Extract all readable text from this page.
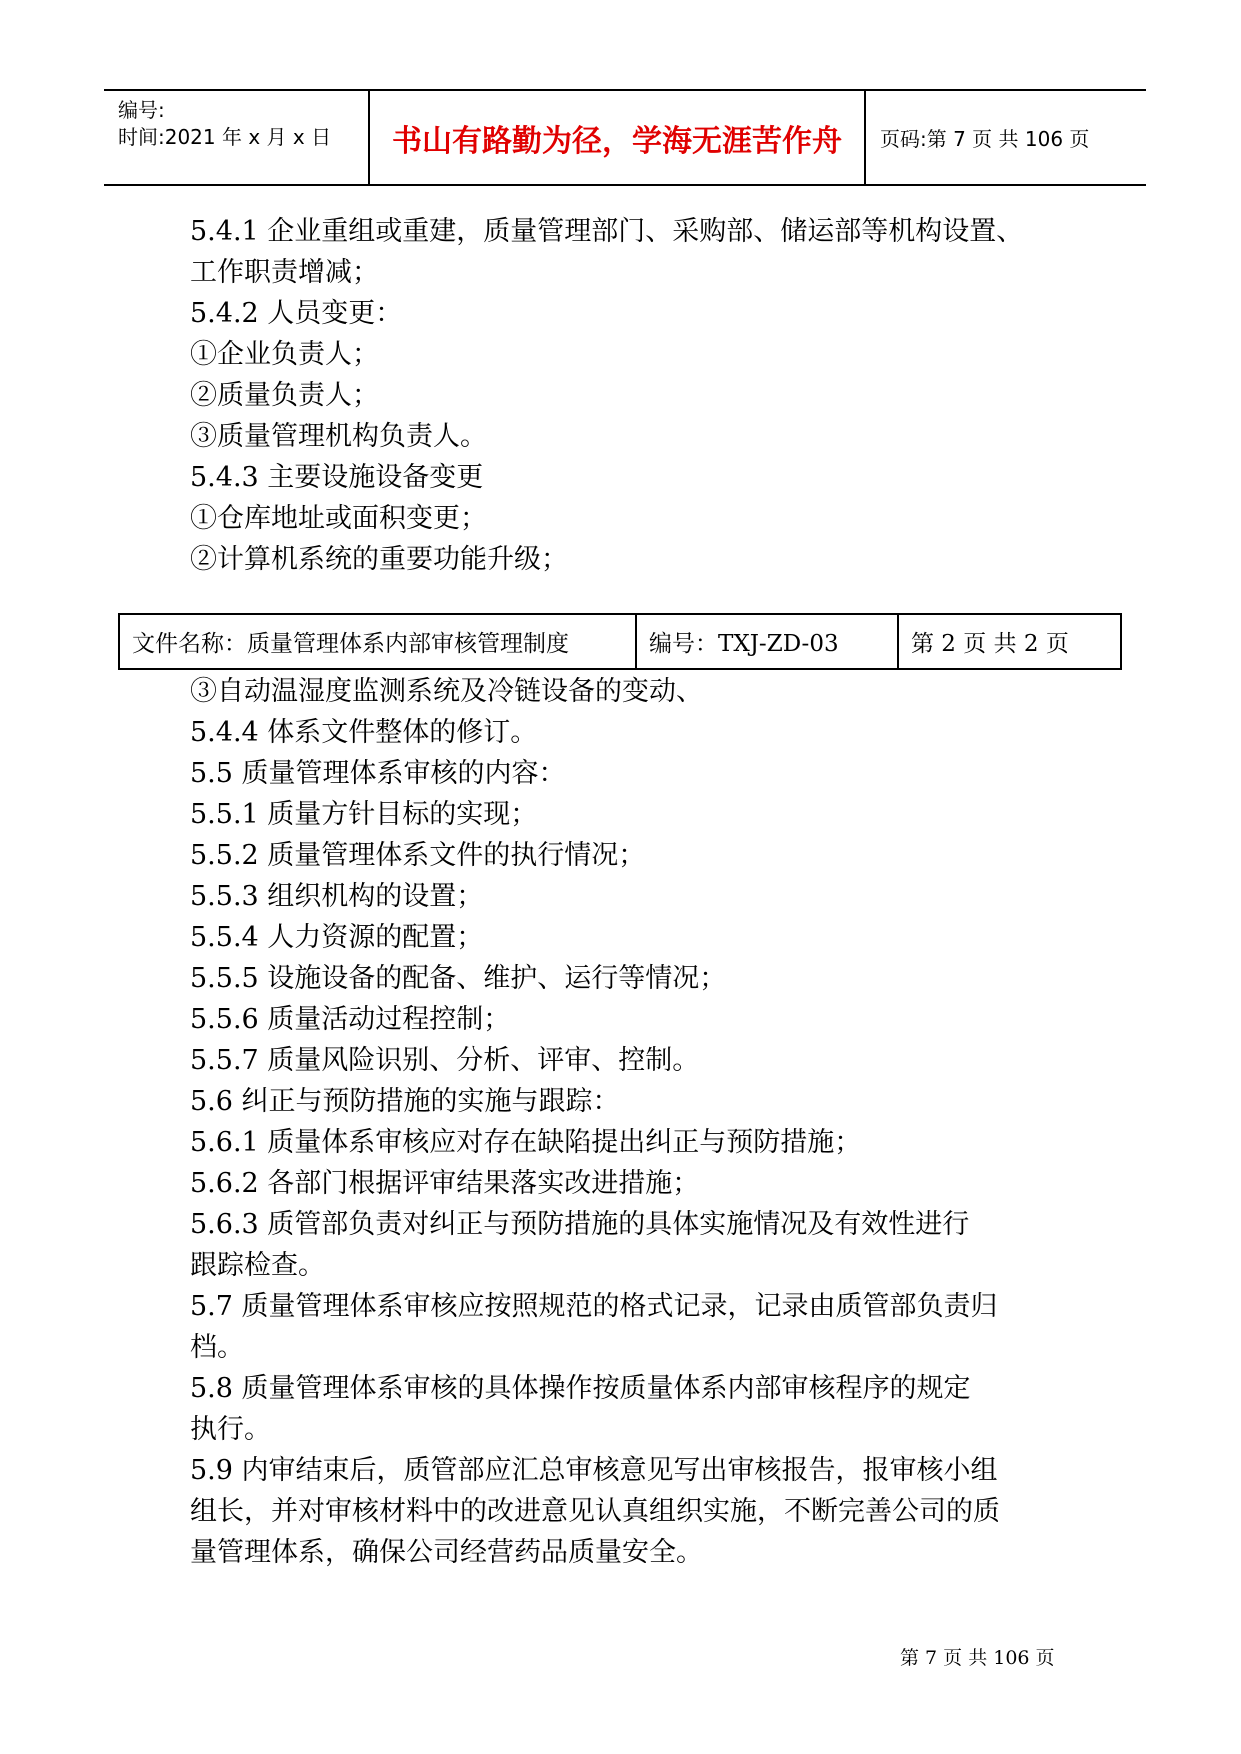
编号:
时间:2021 年 x 月 x 日	书山有路勤为径，学海无涯苦作舟	页码:第 7 页 共 106 页
5.4.1 企业重组或重建，质量管理部门、采购部、储运部等机构设置、
工作职责增减；
5.4.2 人员变更：
①企业负责人；
②质量负责人；
③质量管理机构负责人。
5.4.3 主要设施设备变更
①仓库地址或面积变更；
②计算机系统的重要功能升级；
文件名称：质量管理体系内部审核管理制度	编号：TXJ-ZD-03	第 2 页 共 2 页
③自动温湿度监测系统及冷链设备的变动、
5.4.4 体系文件整体的修订。
5.5 质量管理体系审核的内容：
5.5.1 质量方针目标的实现；
5.5.2 质量管理体系文件的执行情况；
5.5.3 组织机构的设置；
5.5.4 人力资源的配置；
5.5.5 设施设备的配备、维护、运行等情况；
5.5.6 质量活动过程控制；
5.5.7 质量风险识别、分析、评审、控制。
5.6 纠正与预防措施的实施与跟踪：
5.6.1 质量体系审核应对存在缺陷提出纠正与预防措施；
5.6.2 各部门根据评审结果落实改进措施；
5.6.3 质管部负责对纠正与预防措施的具体实施情况及有效性进行
跟踪检查。
5.7 质量管理体系审核应按照规范的格式记录，记录由质管部负责归
档。
5.8 质量管理体系审核的具体操作按质量体系内部审核程序的规定
执行。
5.9 内审结束后，质管部应汇总审核意见写出审核报告，报审核小组
组长，并对审核材料中的改进意见认真组织实施，不断完善公司的质
量管理体系，确保公司经营药品质量安全。
第 7 页 共 106 页
